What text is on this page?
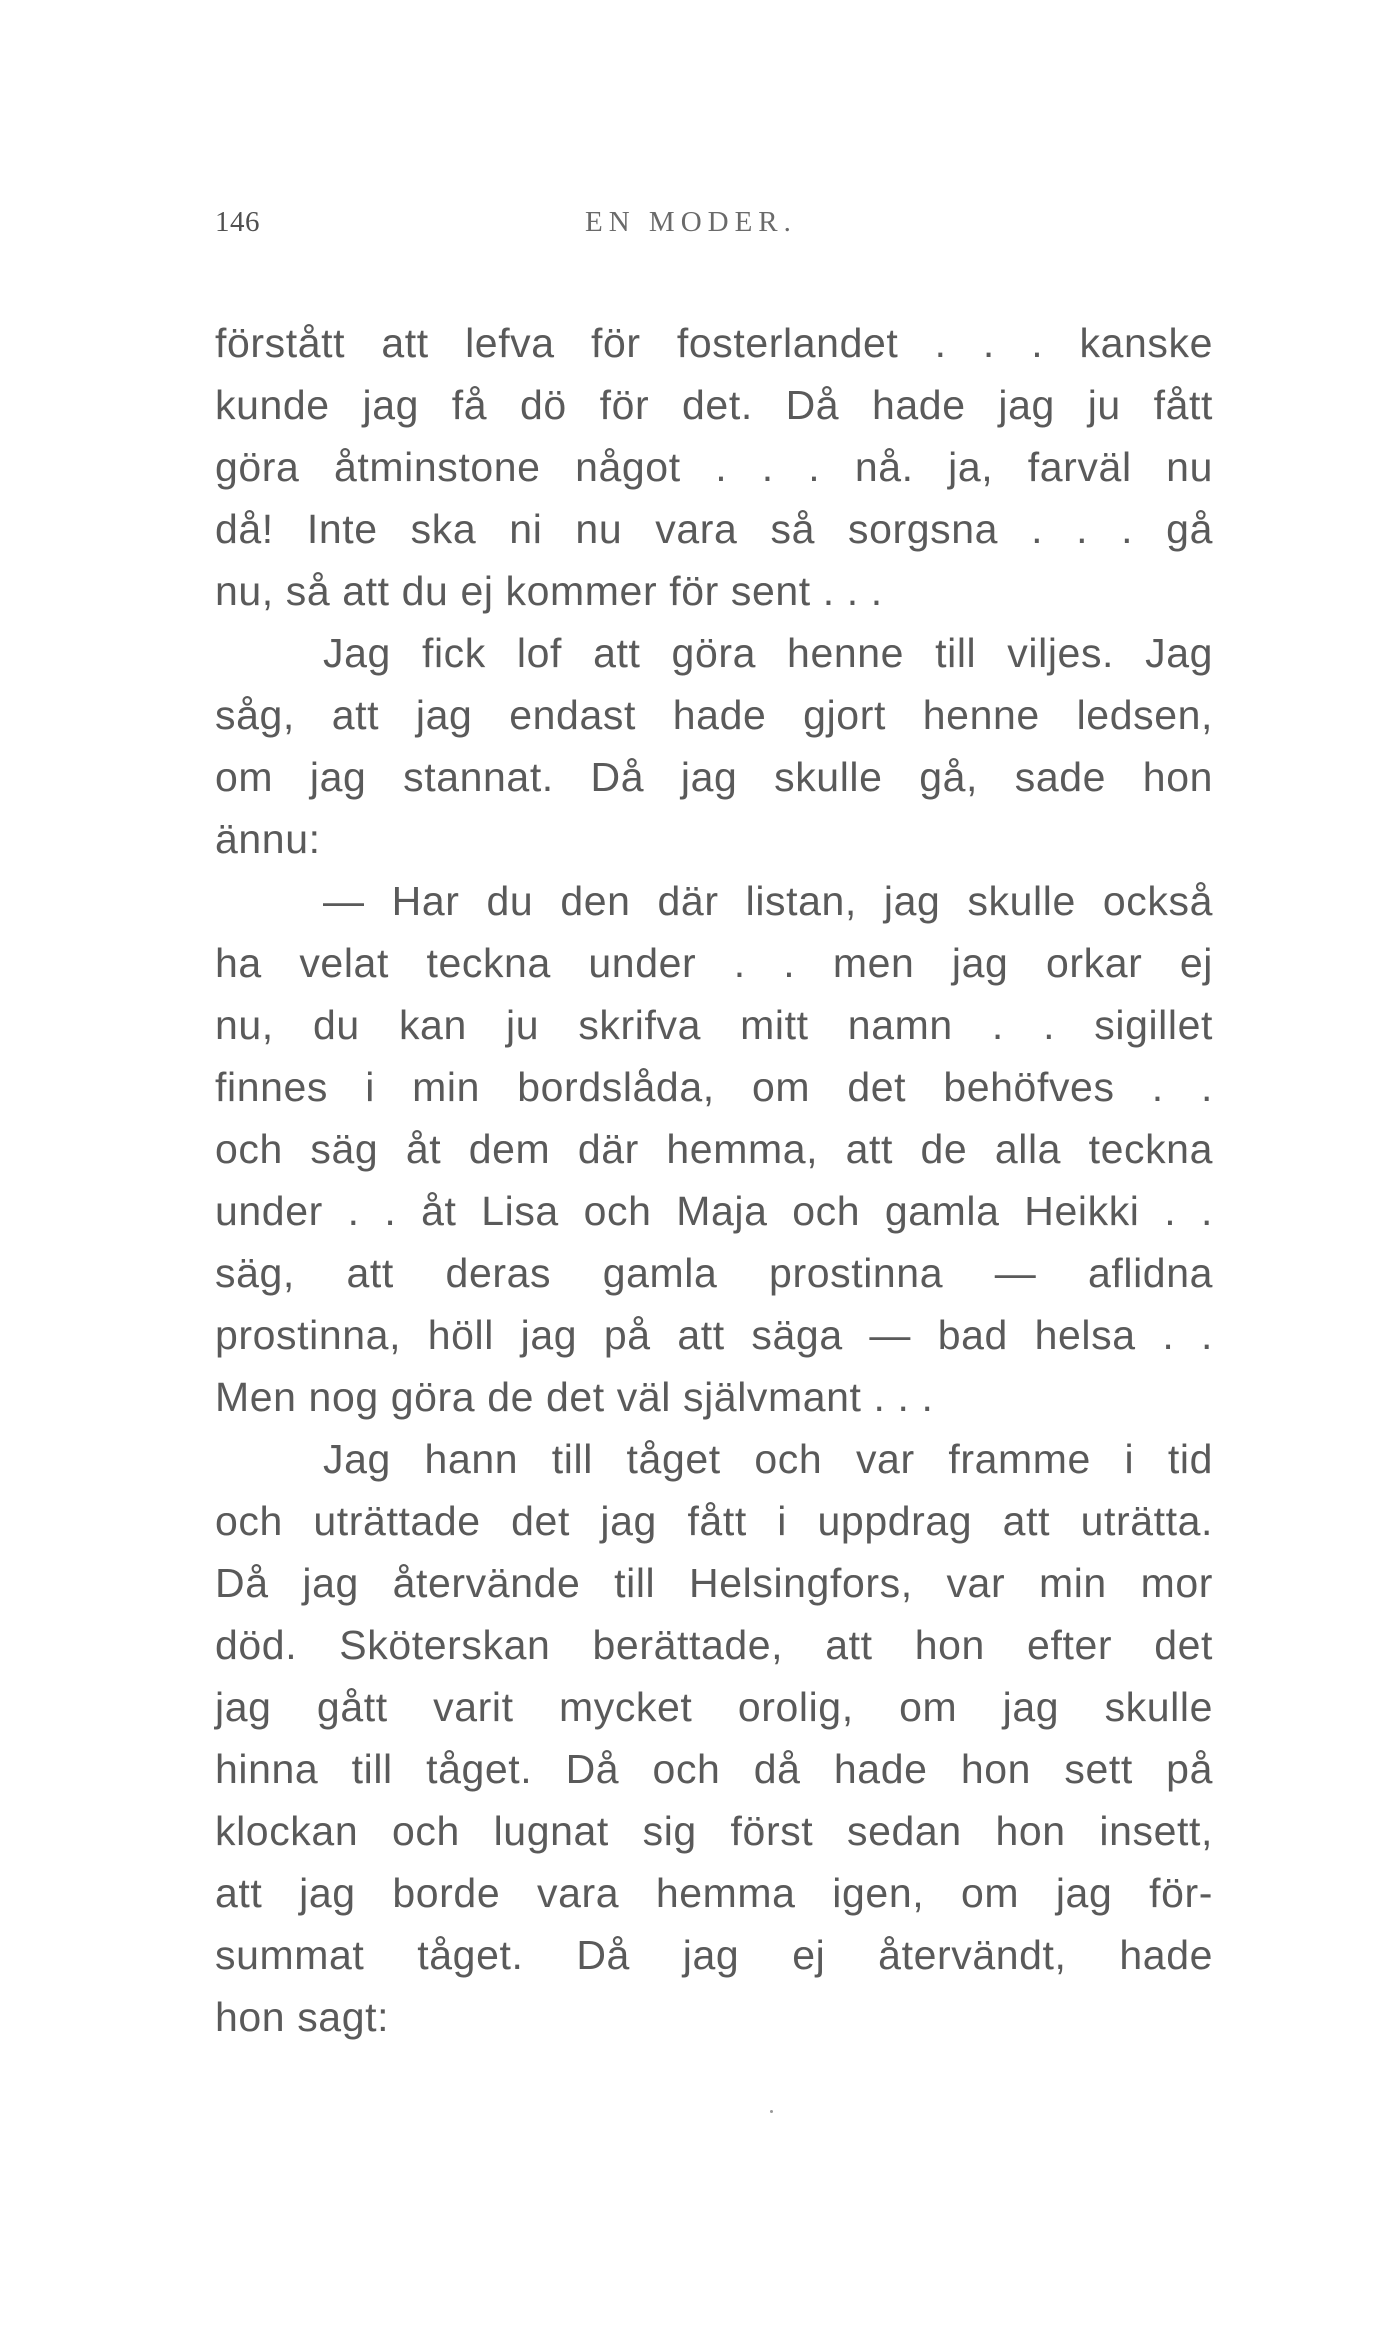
146	EN MODER.
förstått att lefva för fosterlandet . . . kanske
kunde jag få dö för det. Då hade jag ju fått
göra åtminstone något . . . nå. ja, farväl nu
då! Inte ska ni nu vara så sorgsna . . . gå
nu, så att du ej kommer för sent . . .
Jag fick lof att göra henne till viljes. Jag
såg, att jag endast hade gjort henne ledsen,
om jag stannat. Då jag skulle gå, sade hon
ännu:
— Har du den där listan, jag skulle också
ha velat teckna under . . men jag orkar ej
nu, du kan ju skrifva mitt namn . . sigillet
finnes i min bordslåda, om det behöfves . .
och säg åt dem där hemma, att de alla teckna
under . . åt Lisa och Maja och gamla Heikki . .
säg, att deras gamla prostinna — aflidna
prostinna, höll jag på att säga — bad helsa . .
Men nog göra de det väl självmant . . .
Jag hann till tåget och var framme i tid
och uträttade det jag fått i uppdrag att uträtta.
Då jag återvände till Helsingfors, var min mor
död. Sköterskan berättade, att hon efter det
jag gått varit mycket orolig, om jag skulle
hinna till tåget. Då och då hade hon sett på
klockan och lugnat sig först sedan hon insett,
att jag borde vara hemma igen, om jag för-
summat tåget. Då jag ej återvändt, hade
hon sagt:
